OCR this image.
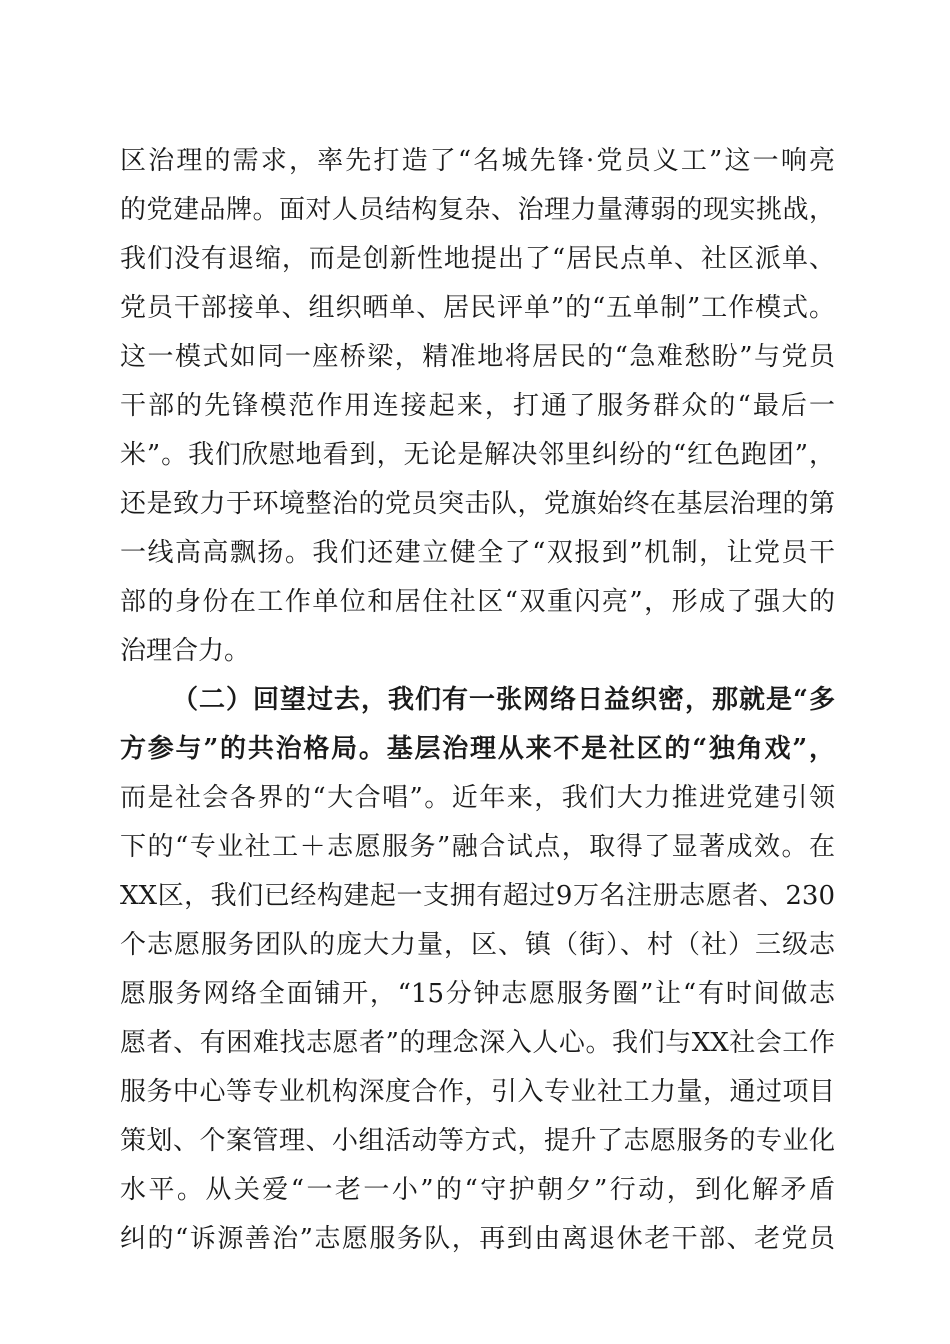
区治理的需求，率先打造了“名城先锋·党员义工”这一响亮
的党建品牌。面对人员结构复杂、治理力量薄弱的现实挑战，
我们没有退缩，而是创新性地提出了“居民点单、社区派单、
党员干部接单、组织晒单、居民评单”的“五单制”工作模式。
这一模式如同一座桥梁，精准地将居民的“急难愁盼”与党员
干部的先锋模范作用连接起来，打通了服务群众的“最后一
米”。我们欣慰地看到，无论是解决邻里纠纷的“红色跑团”，
还是致力于环境整治的党员突击队，党旗始终在基层治理的第
一线高高飘扬。我们还建立健全了“双报到”机制，让党员干
部的身份在工作单位和居住社区“双重闪亮”，形成了强大的
治理合力。
（二）回望过去，我们有一张网络日益织密，那就是“多
方参与”的共治格局。基层治理从来不是社区的“独角戏”，
而是社会各界的“大合唱”。近年来，我们大力推进党建引领
下的“专业社工＋志愿服务”融合试点，取得了显著成效。在
XX区，我们已经构建起一支拥有超过9万名注册志愿者、230
个志愿服务团队的庞大力量，区、镇（街）、村（社）三级志
愿服务网络全面铺开，“15分钟志愿服务圈”让“有时间做志
愿者、有困难找志愿者”的理念深入人心。我们与XX社会工作
服务中心等专业机构深度合作，引入专业社工力量，通过项目
策划、个案管理、小组活动等方式，提升了志愿服务的专业化
水平。从关爱“一老一小”的“守护朝夕”行动，到化解矛盾
纠的“诉源善治”志愿服务队，再到由离退休老干部、老党员
